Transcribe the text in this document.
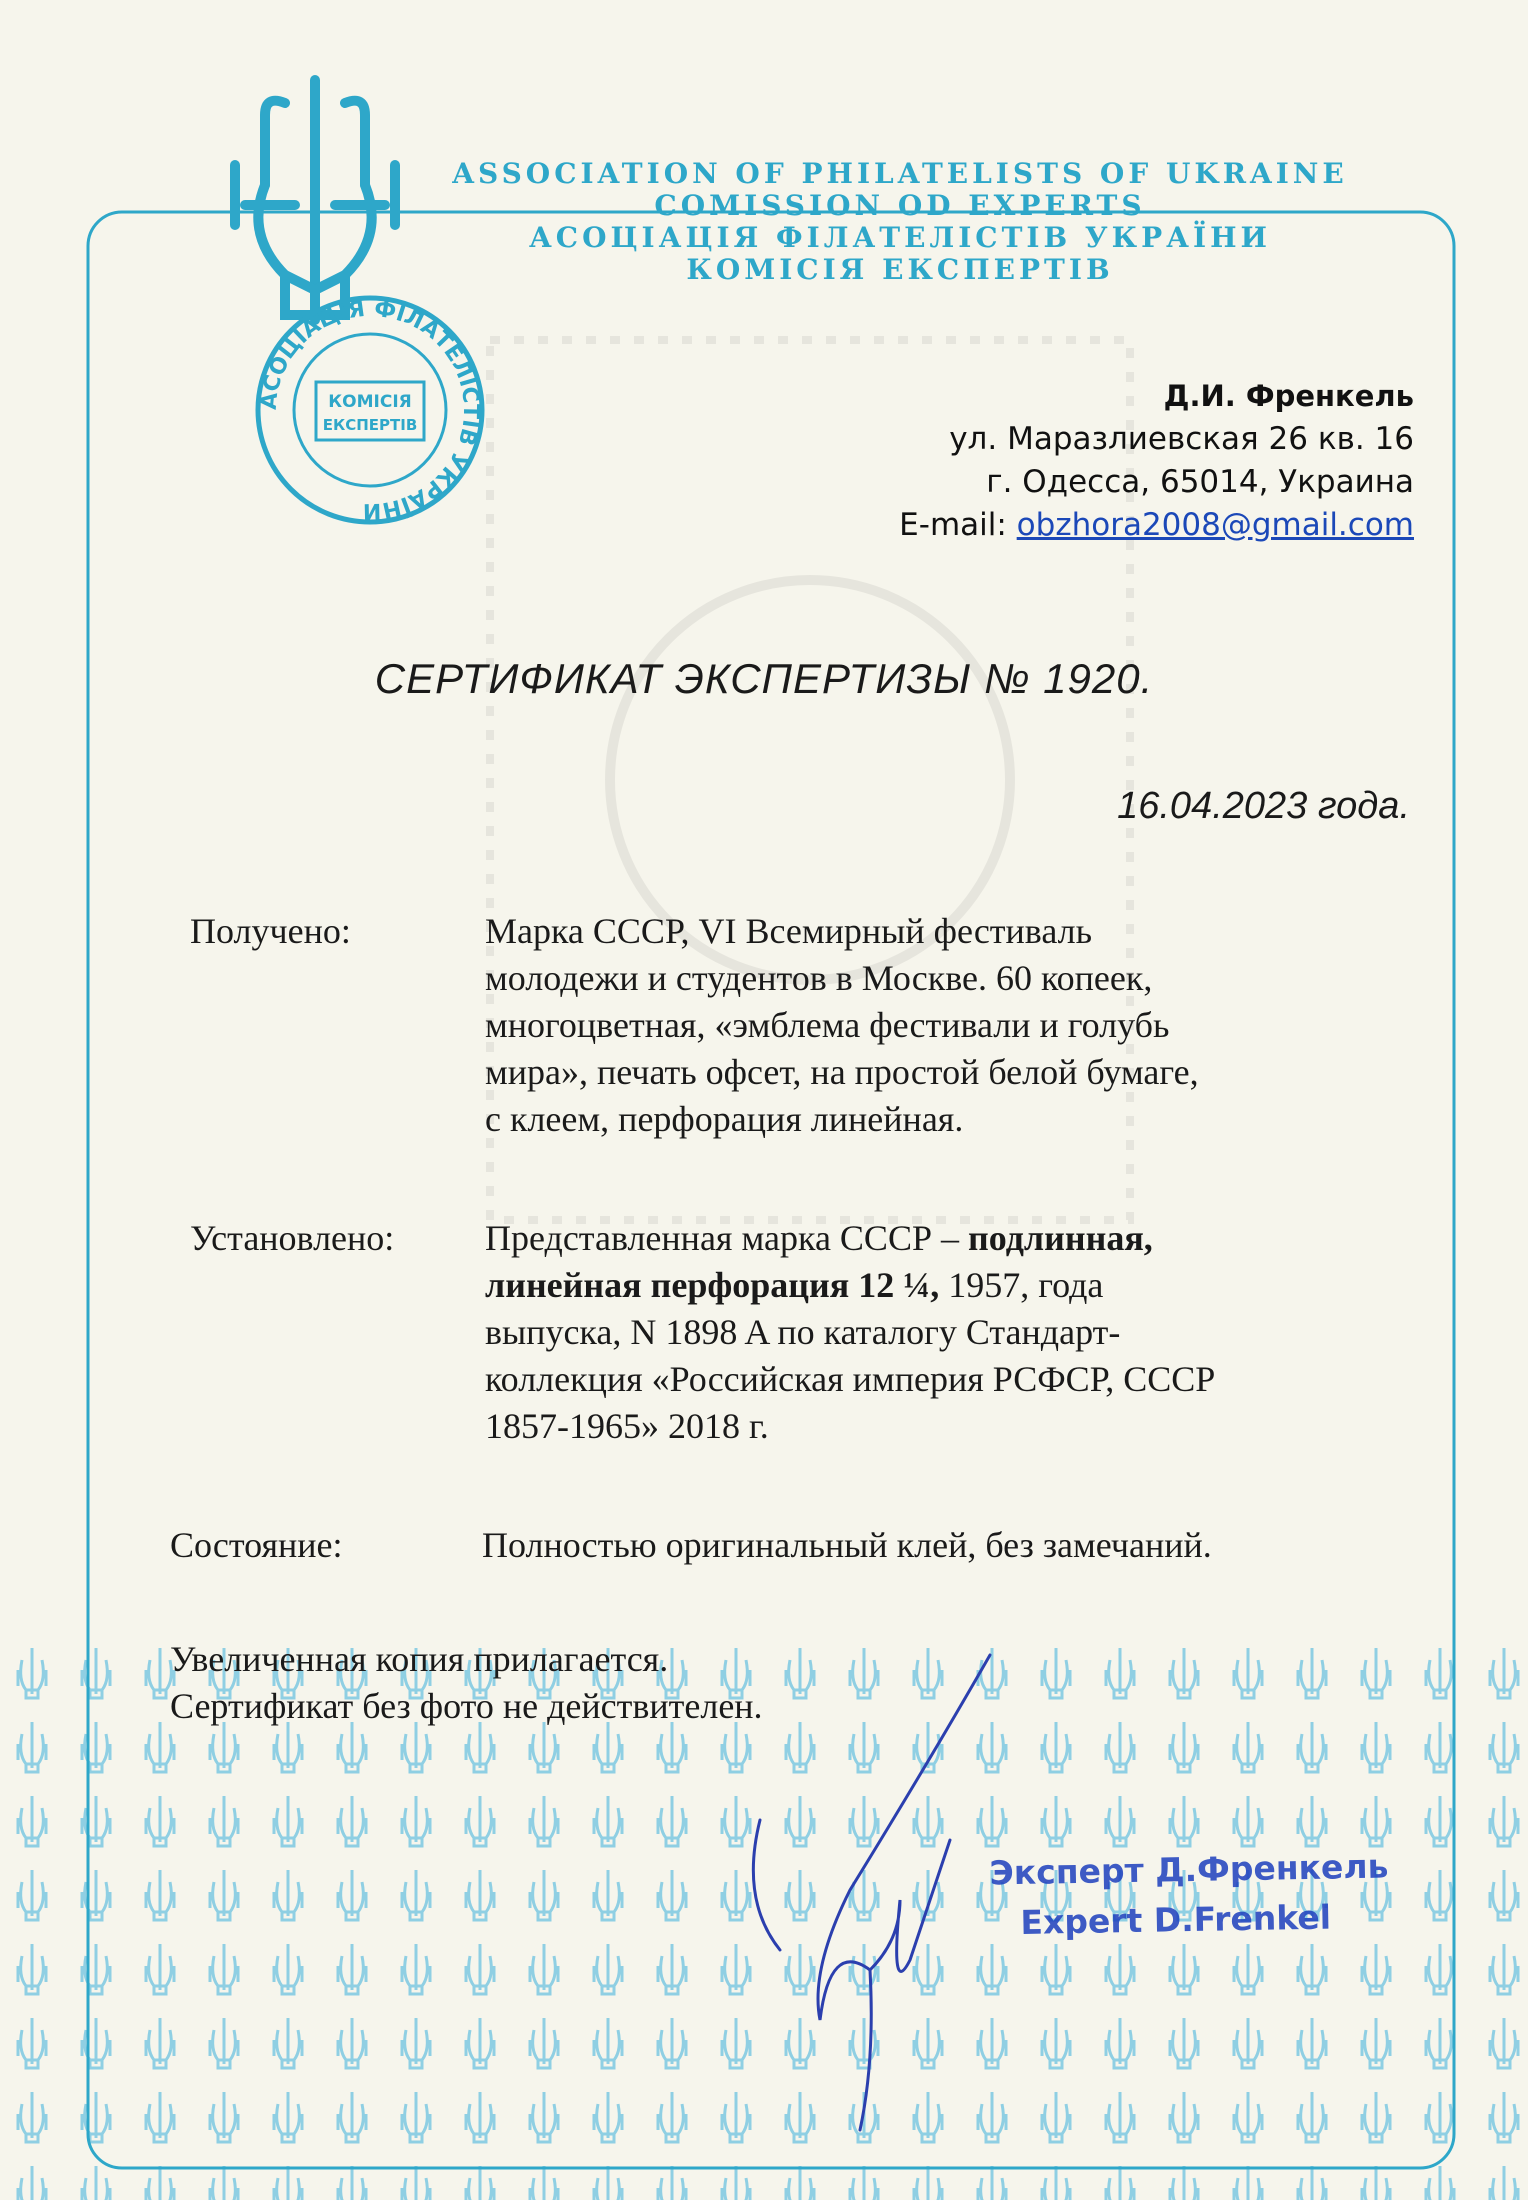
АСОЦІАЦІЯ ФІЛАТЕЛІСТІВ УКРАЇНИ
КОМІСІЯ
ЕКСПЕРТІВ
ASSOCIATION OF PHILATELISTS OF UKRAINE
COMISSION OD EXPERTS
АСОЦІАЦІЯ ФІЛАТЕЛІСТІВ УКРАЇНИ
КОМІСІЯ ЕКСПЕРТІВ
Д.И. Френкель
ул. Маразлиевская 26 кв. 16
г. Одесса, 65014, Украина
E-mail: obzhora2008@gmail.com
СЕРТИФИКАТ ЭКСПЕРТИЗЫ № 1920.
16.04.2023 года.
Получено:	Марка СССР, VI Всемирный фестиваль
молодежи и студентов в Москве. 60 копеек,
многоцветная, «эмблема фестивали и голубь
мира», печать офсет, на простой белой бумаге,
с клеем, перфорация линейная.
Установлено:	Представленная марка СССР – подлинная,
линейная перфорация 12 ¼, 1957, года
выпуска, N 1898 A по каталогу Стандарт-
коллекция «Российская империя РСФСР, СССР
1857-1965» 2018 г.
Состояние:	Полностью оригинальный клей, без замечаний.
Увеличенная копия прилагается.
Сертификат без фото не действителен.
Эксперт Д.Френкель
Expert D.Frenkel
